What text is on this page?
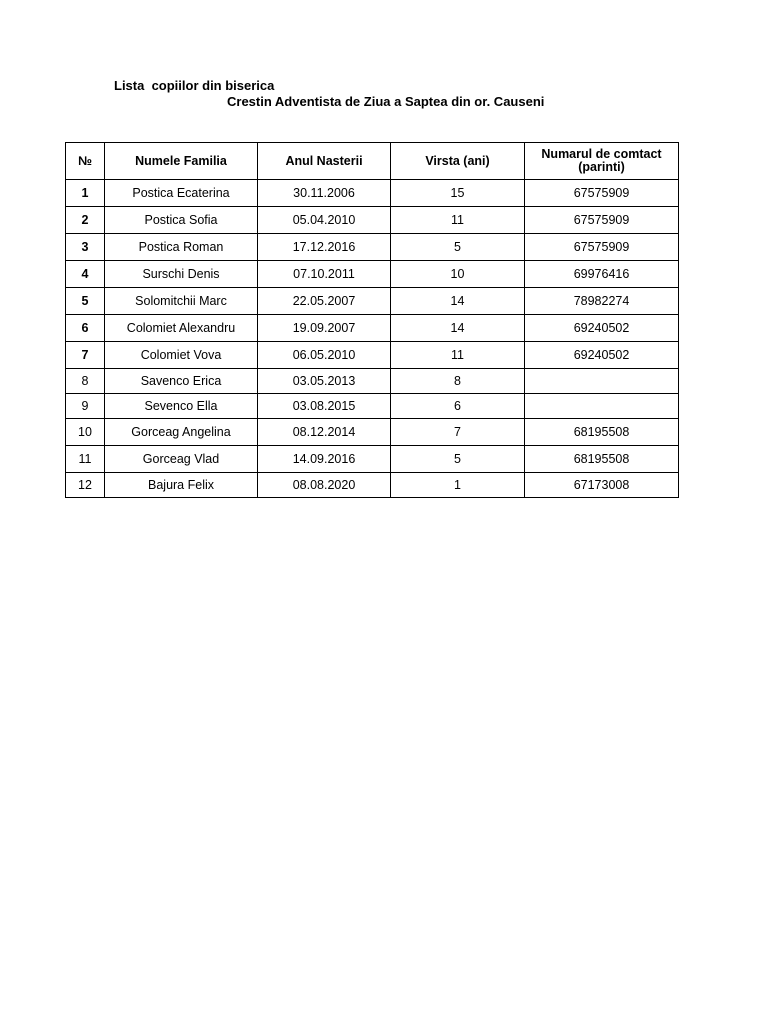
Lista  copiilor din biserica
Crestin Adventista de Ziua a Saptea din or. Causeni
№	Numele Familia	Anul Nasterii	Virsta (ani)	Numarul de comtact (parinti)
1	Postica Ecaterina	30.11.2006	15	67575909
2	Postica Sofia	05.04.2010	11	67575909
3	Postica Roman	17.12.2016	5	67575909
4	Surschi Denis	07.10.2011	10	69976416
5	Solomitchii Marc	22.05.2007	14	78982274
6	Colomiet Alexandru	19.09.2007	14	69240502
7	Colomiet Vova	06.05.2010	11	69240502
8	Savenco Erica	03.05.2013	8	
9	Sevenco Ella	03.08.2015	6	
10	Gorceag Angelina	08.12.2014	7	68195508
11	Gorceag Vlad	14.09.2016	5	68195508
12	Bajura Felix	08.08.2020	1	67173008
